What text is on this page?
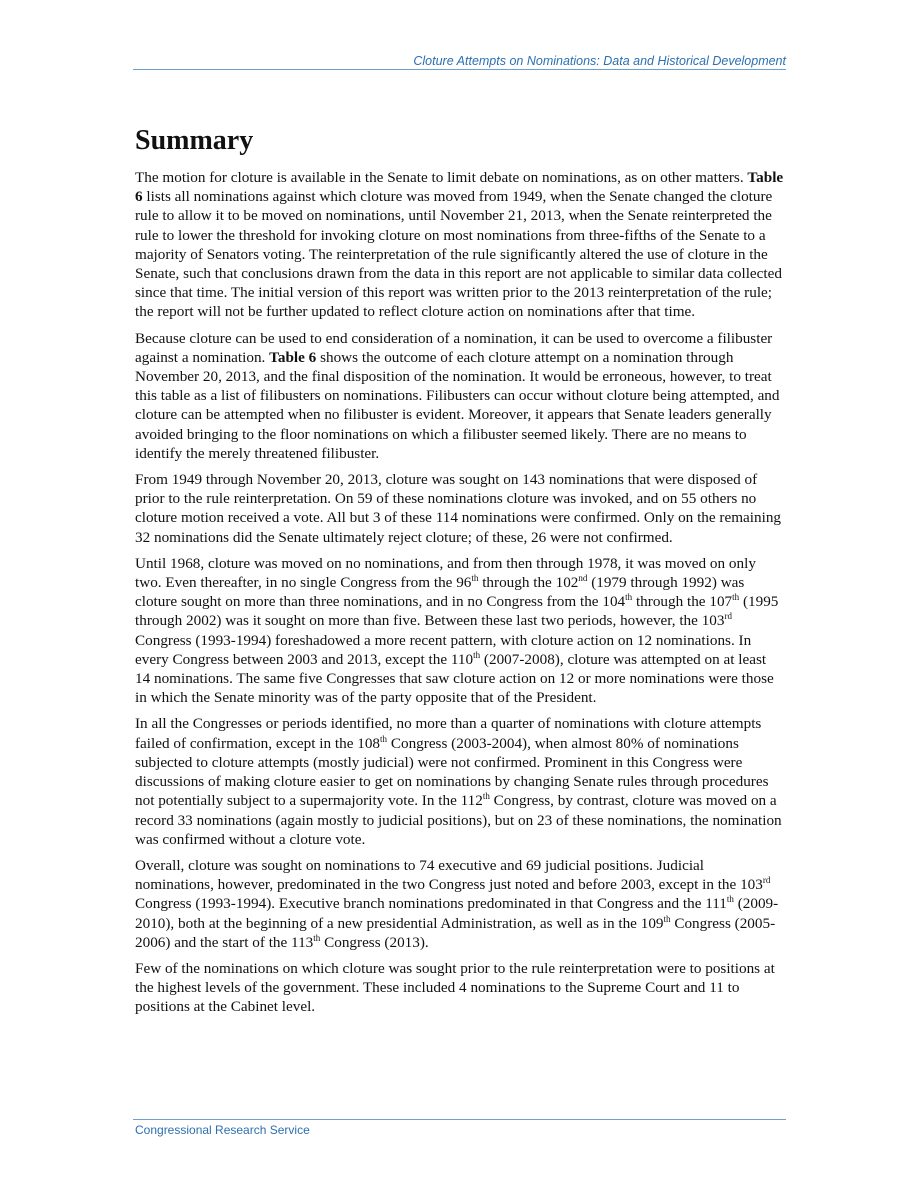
Cloture Attempts on Nominations: Data and Historical Development
Summary

The motion for cloture is available in the Senate to limit debate on nominations, as on other matters. Table 6 lists all nominations against which cloture was moved from 1949, when the Senate changed the cloture rule to allow it to be moved on nominations, until November 21, 2013, when the Senate reinterpreted the rule to lower the threshold for invoking cloture on most nominations from three-fifths of the Senate to a majority of Senators voting. The reinterpretation of the rule significantly altered the use of cloture in the Senate, such that conclusions drawn from the data in this report are not applicable to similar data collected since that time. The initial version of this report was written prior to the 2013 reinterpretation of the rule; the report will not be further updated to reflect cloture action on nominations after that time.

Because cloture can be used to end consideration of a nomination, it can be used to overcome a filibuster against a nomination. Table 6 shows the outcome of each cloture attempt on a nomination through November 20, 2013, and the final disposition of the nomination. It would be erroneous, however, to treat this table as a list of filibusters on nominations. Filibusters can occur without cloture being attempted, and cloture can be attempted when no filibuster is evident. Moreover, it appears that Senate leaders generally avoided bringing to the floor nominations on which a filibuster seemed likely. There are no means to identify the merely threatened filibuster.

From 1949 through November 20, 2013, cloture was sought on 143 nominations that were disposed of prior to the rule reinterpretation. On 59 of these nominations cloture was invoked, and on 55 others no cloture motion received a vote. All but 3 of these 114 nominations were confirmed. Only on the remaining 32 nominations did the Senate ultimately reject cloture; of these, 26 were not confirmed.

Until 1968, cloture was moved on no nominations, and from then through 1978, it was moved on only two. Even thereafter, in no single Congress from the 96th through the 102nd (1979 through 1992) was cloture sought on more than three nominations, and in no Congress from the 104th through the 107th (1995 through 2002) was it sought on more than five. Between these last two periods, however, the 103rd Congress (1993-1994) foreshadowed a more recent pattern, with cloture action on 12 nominations. In every Congress between 2003 and 2013, except the 110th (2007-2008), cloture was attempted on at least 14 nominations. The same five Congresses that saw cloture action on 12 or more nominations were those in which the Senate minority was of the party opposite that of the President.

In all the Congresses or periods identified, no more than a quarter of nominations with cloture attempts failed of confirmation, except in the 108th Congress (2003-2004), when almost 80% of nominations subjected to cloture attempts (mostly judicial) were not confirmed. Prominent in this Congress were discussions of making cloture easier to get on nominations by changing Senate rules through procedures not potentially subject to a supermajority vote. In the 112th Congress, by contrast, cloture was moved on a record 33 nominations (again mostly to judicial positions), but on 23 of these nominations, the nomination was confirmed without a cloture vote.

Overall, cloture was sought on nominations to 74 executive and 69 judicial positions. Judicial nominations, however, predominated in the two Congress just noted and before 2003, except in the 103rd Congress (1993-1994). Executive branch nominations predominated in that Congress and the 111th (2009-2010), both at the beginning of a new presidential Administration, as well as in the 109th Congress (2005-2006) and the start of the 113th Congress (2013).

Few of the nominations on which cloture was sought prior to the rule reinterpretation were to positions at the highest levels of the government. These included 4 nominations to the Supreme Court and 11 to positions at the Cabinet level.

Congressional Research Service
